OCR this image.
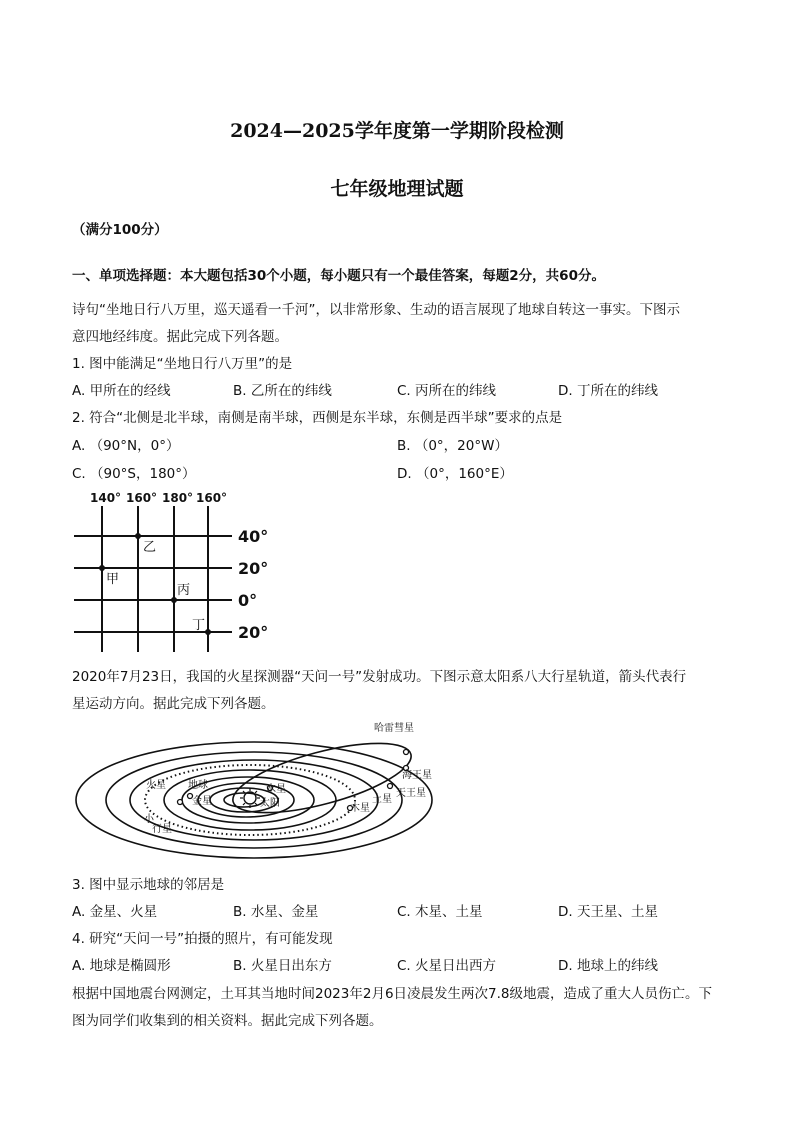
2024—2025学年度第一学期阶段检测
七年级地理试题
（满分100分）
一、单项选择题：本大题包括30个小题，每小题只有一个最佳答案，每题2分，共60分。
诗句“坐地日行八万里，巡天遥看一千河”，以非常形象、生动的语言展现了地球自转这一事实。下图示
意四地经纬度。据此完成下列各题。
1. 图中能满足“坐地日行八万里”的是
A. 甲所在的经线	B. 乙所在的纬线	C. 丙所在的纬线	D. 丁所在的纬线
2. 符合“北侧是北半球，南侧是南半球，西侧是东半球，东侧是西半球”要求的点是
A. （90°N，0°）	B. （0°，20°W）
C. （90°S，180°）	D. （0°，160°E）
140° 160° 180° 160°
40°
20°
0°
20°
甲
乙
丙
丁
2020年7月23日，我国的火星探测器“天问一号”发射成功。下图示意太阳系八大行星轨道，箭头代表行
星运动方向。据此完成下列各题。
哈雷彗星
海王星
天王星
土星
木星
水星
太阳
金星
地球
火星
小
行星
3. 图中显示地球的邻居是
A. 金星、火星	B. 水星、金星	C. 木星、土星	D. 天王星、土星
4. 研究“天问一号”拍摄的照片，有可能发现
A. 地球是椭圆形	B. 火星日出东方	C. 火星日出西方	D. 地球上的纬线
根据中国地震台网测定，土耳其当地时间2023年2月6日凌晨发生两次7.8级地震，造成了重大人员伤亡。下
图为同学们收集到的相关资料。据此完成下列各题。
